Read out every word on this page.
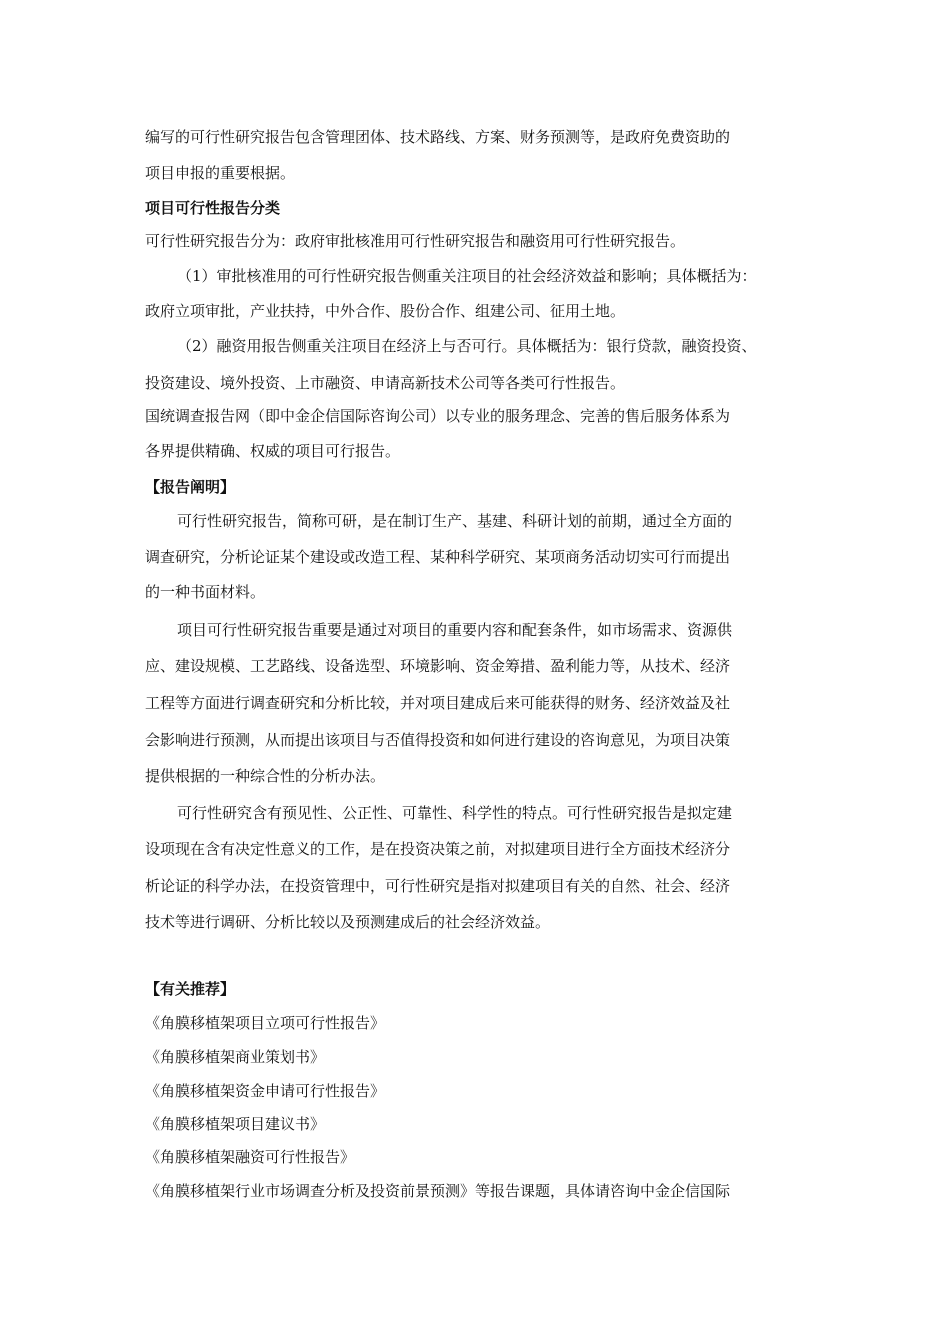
编写的可行性研究报告包含管理团体、技术路线、方案、财务预测等，是政府免费资助的
项目申报的重要根据。
项目可行性报告分类
可行性研究报告分为：政府审批核准用可行性研究报告和融资用可行性研究报告。
（1）审批核准用的可行性研究报告侧重关注项目的社会经济效益和影响；具体概括为：
政府立项审批，产业扶持，中外合作、股份合作、组建公司、征用土地。
（2）融资用报告侧重关注项目在经济上与否可行。具体概括为：银行贷款，融资投资、
投资建设、境外投资、上市融资、申请高新技术公司等各类可行性报告。
国统调查报告网（即中金企信国际咨询公司）以专业的服务理念、完善的售后服务体系为
各界提供精确、权威的项目可行报告。
【报告阐明】
可行性研究报告，简称可研，是在制订生产、基建、科研计划的前期，通过全方面的
调查研究，分析论证某个建设或改造工程、某种科学研究、某项商务活动切实可行而提出
的一种书面材料。
项目可行性研究报告重要是通过对项目的重要内容和配套条件，如市场需求、资源供
应、建设规模、工艺路线、设备选型、环境影响、资金筹措、盈利能力等，从技术、经济
工程等方面进行调查研究和分析比较，并对项目建成后来可能获得的财务、经济效益及社
会影响进行预测，从而提出该项目与否值得投资和如何进行建设的咨询意见，为项目决策
提供根据的一种综合性的分析办法。
可行性研究含有预见性、公正性、可靠性、科学性的特点。可行性研究报告是拟定建
设项现在含有决定性意义的工作，是在投资决策之前，对拟建项目进行全方面技术经济分
析论证的科学办法，在投资管理中，可行性研究是指对拟建项目有关的自然、社会、经济
技术等进行调研、分析比较以及预测建成后的社会经济效益。
【有关推荐】
《角膜移植架项目立项可行性报告》
《角膜移植架商业策划书》
《角膜移植架资金申请可行性报告》
《角膜移植架项目建议书》
《角膜移植架融资可行性报告》
《角膜移植架行业市场调查分析及投资前景预测》等报告课题，具体请咨询中金企信国际
